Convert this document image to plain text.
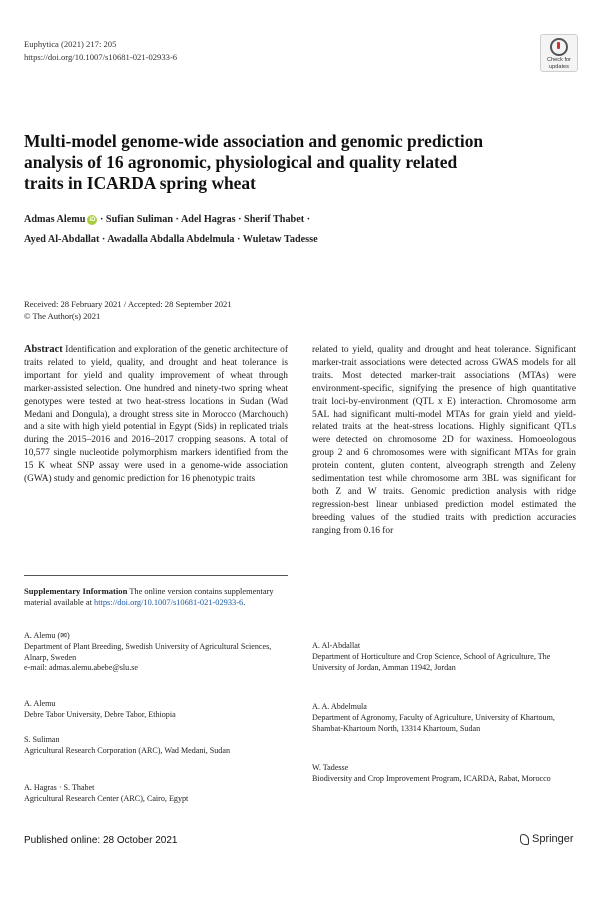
Euphytica (2021) 217: 205
https://doi.org/10.1007/s10681-021-02933-6	Check for
updates
Multi-model genome-wide association and genomic prediction analysis of 16 agronomic, physiological and quality related traits in ICARDA spring wheat
Admas Alemu iD · Sufian Suliman · Adel Hagras · Sherif Thabet ·
Ayed Al-Abdallat · Awadalla Abdalla Abdelmula · Wuletaw Tadesse
Received: 28 February 2021 / Accepted: 28 September 2021
© The Author(s) 2021
Abstract Identification and exploration of the genetic architecture of traits related to yield, quality, and drought and heat tolerance is important for yield and quality improvement of wheat through marker-assisted selection. One hundred and ninety-two spring wheat genotypes were tested at two heat-stress locations in Sudan (Wad Medani and Dongula), a drought stress site in Morocco (Marchouch) and a site with high yield potential in Egypt (Sids) in replicated trials during the 2015–2016 and 2016–2017 cropping seasons. A total of 10,577 single nucleotide polymorphism markers identified from the 15 K wheat SNP assay were used in a genome-wide association (GWA) study and genomic prediction for 16 phenotypic traits
related to yield, quality and drought and heat tolerance. Significant marker-trait associations were detected across GWAS models for all traits. Most detected marker-trait associations (MTAs) were environment-specific, signifying the presence of high quantitative trait loci-by-environment (QTL x E) interaction. Chromosome arm 5AL had significant multi-model MTAs for grain yield and yield-related traits at the heat-stress locations. Highly significant QTLs were detected on chromosome 2D for waxiness. Homoeologous group 2 and 6 chromosomes were with significant MTAs for grain protein content, gluten content, alveograph strength and Zeleny sedimentation test while chromosome arm 3BL was significant for both Z and W traits. Genomic prediction analysis with ridge regression-best linear unbiased prediction model estimated the breeding values of the studied traits with prediction accuracies ranging from 0.16 for
Supplementary Information The online version contains supplementary material available at https://doi.org/10.1007/s10681-021-02933-6.
A. Alemu (✉)
Department of Plant Breeding, Swedish University of Agricultural Sciences, Alnarp, Sweden
e-mail: admas.alemu.abebe@slu.se
A. Alemu
Debre Tabor University, Debre Tabor, Ethiopia
S. Suliman
Agricultural Research Corporation (ARC), Wad Medani, Sudan
A. Hagras · S. Thabet
Agricultural Research Center (ARC), Cairo, Egypt
A. Al-Abdallat
Department of Horticulture and Crop Science, School of Agriculture, The University of Jordan, Amman 11942, Jordan
A. A. Abdelmula
Department of Agronomy, Faculty of Agriculture, University of Khartoum, Shambat-Khartoum North, 13314 Khartoum, Sudan
W. Tadesse
Biodiversity and Crop Improvement Program, ICARDA, Rabat, Morocco
Published online: 28 October 2021	Springer
